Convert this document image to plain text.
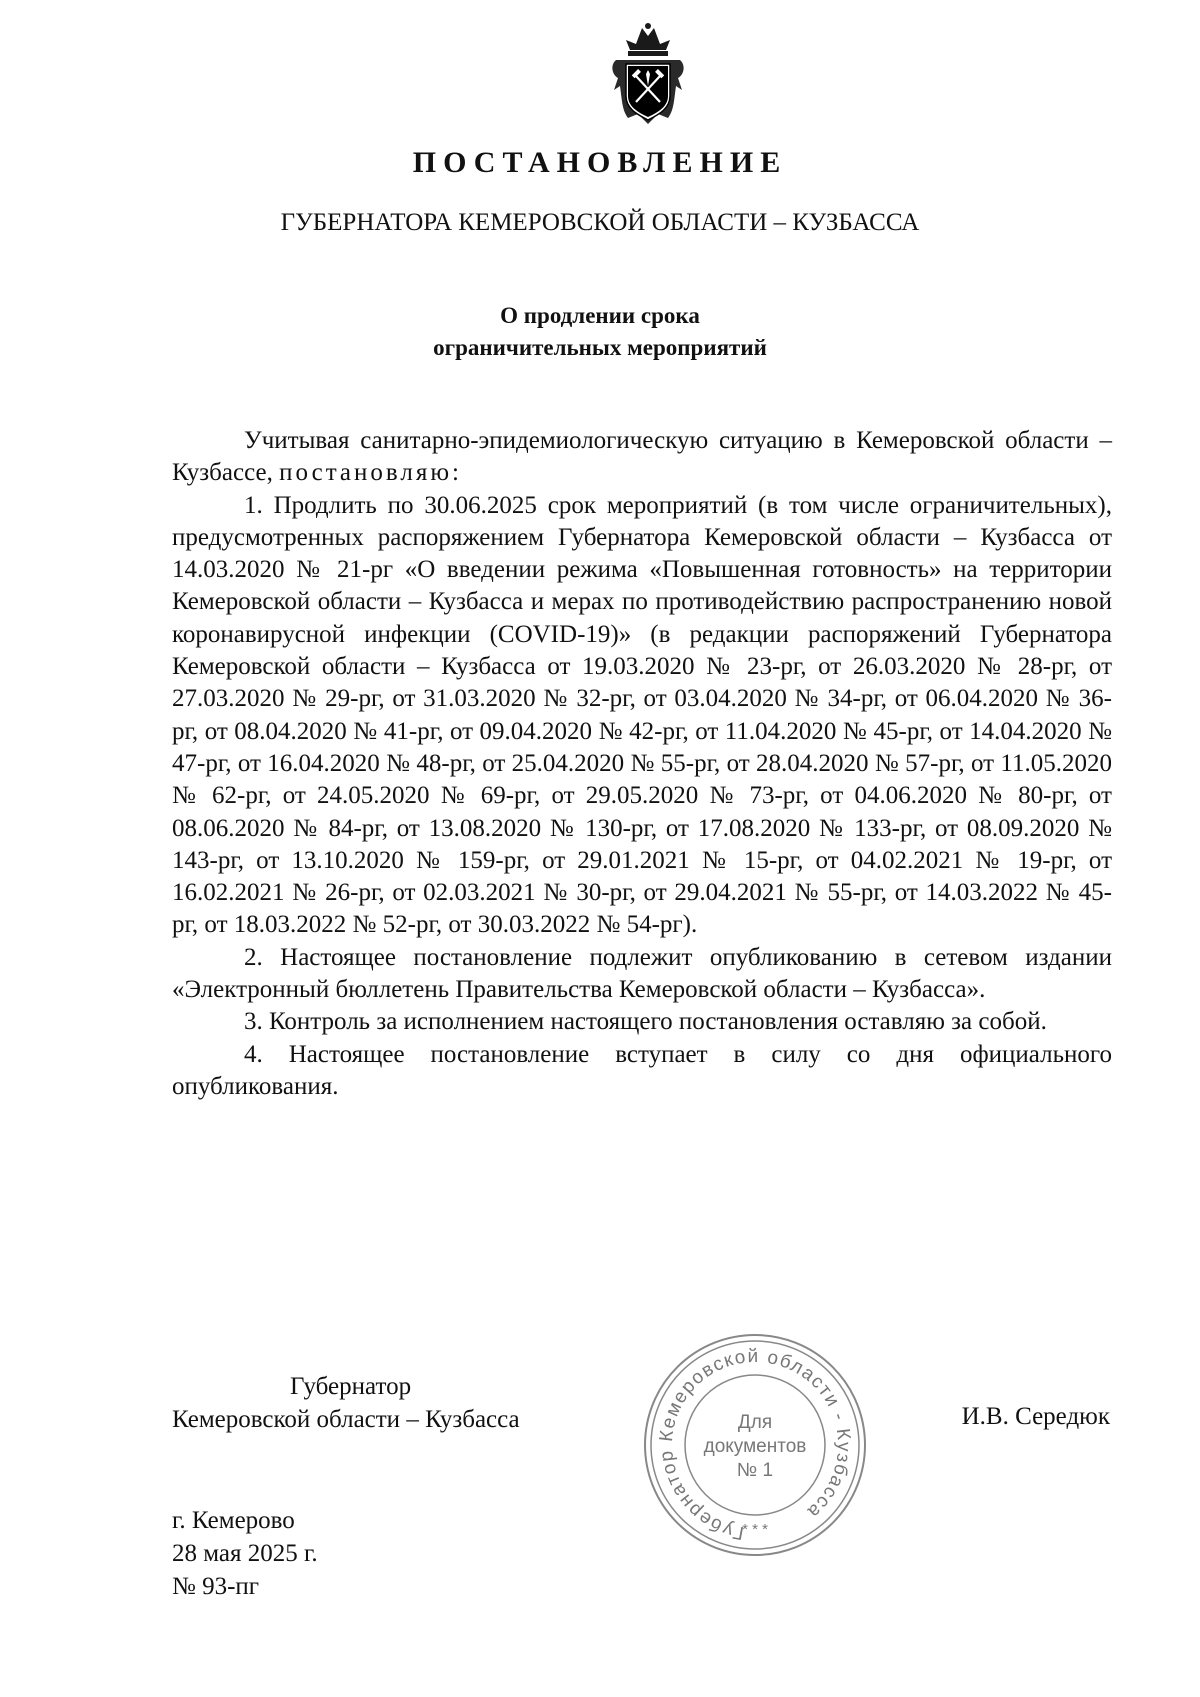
ПОСТАНОВЛЕНИЕ
ГУБЕРНАТОРА КЕМЕРОВСКОЙ ОБЛАСТИ – КУЗБАССА
О продлении срока
ограничительных мероприятий

Учитывая санитарно-эпидемиологическую ситуацию в Кемеровской области – Кузбассе, постановляю:

1. Продлить по 30.06.2025 срок мероприятий (в том числе ограничительных), предусмотренных распоряжением Губернатора Кемеровской области – Кузбасса от 14.03.2020 № 21-рг «О введении режима «Повышенная готовность» на территории Кемеровской области – Кузбасса и мерах по противодействию распространению новой коронавирусной инфекции (COVID-19)» (в редакции распоряжений Губернатора Кемеровской области – Кузбасса от 19.03.2020 № 23-рг, от 26.03.2020 № 28-рг, от 27.03.2020 № 29-рг, от 31.03.2020 № 32-рг, от 03.04.2020 № 34-рг, от 06.04.2020 № 36-рг, от 08.04.2020 № 41-рг, от 09.04.2020 № 42-рг, от 11.04.2020 № 45-рг, от 14.04.2020 № 47-рг, от 16.04.2020 № 48-рг, от 25.04.2020 № 55-рг, от 28.04.2020 № 57-рг, от 11.05.2020 № 62-рг, от 24.05.2020 № 69-рг, от 29.05.2020 № 73-рг, от 04.06.2020 № 80-рг, от 08.06.2020 № 84-рг, от 13.08.2020 № 130-рг, от 17.08.2020 № 133-рг, от 08.09.2020 № 143-рг, от 13.10.2020 № 159-рг, от 29.01.2021 № 15-рг, от 04.02.2021 № 19-рг, от 16.02.2021 № 26-рг, от 02.03.2021 № 30-рг, от 29.04.2021 № 55-рг, от 14.03.2022 № 45-рг, от 18.03.2022 № 52-рг, от 30.03.2022 № 54-рг).

2. Настоящее постановление подлежит опубликованию в сетевом издании «Электронный бюллетень Правительства Кемеровской области – Кузбасса».

3. Контроль за исполнением настоящего постановления оставляю за собой.

4. Настоящее постановление вступает в силу со дня официального опубликования.

Губернатор
Кемеровской области – Кузбасса
Губернатор Кемеровской области - Кузбасса
Для
документов
№ 1
* * *
И.В. Середюк
г. Кемерово
28 мая 2025 г.
№ 93-пг
